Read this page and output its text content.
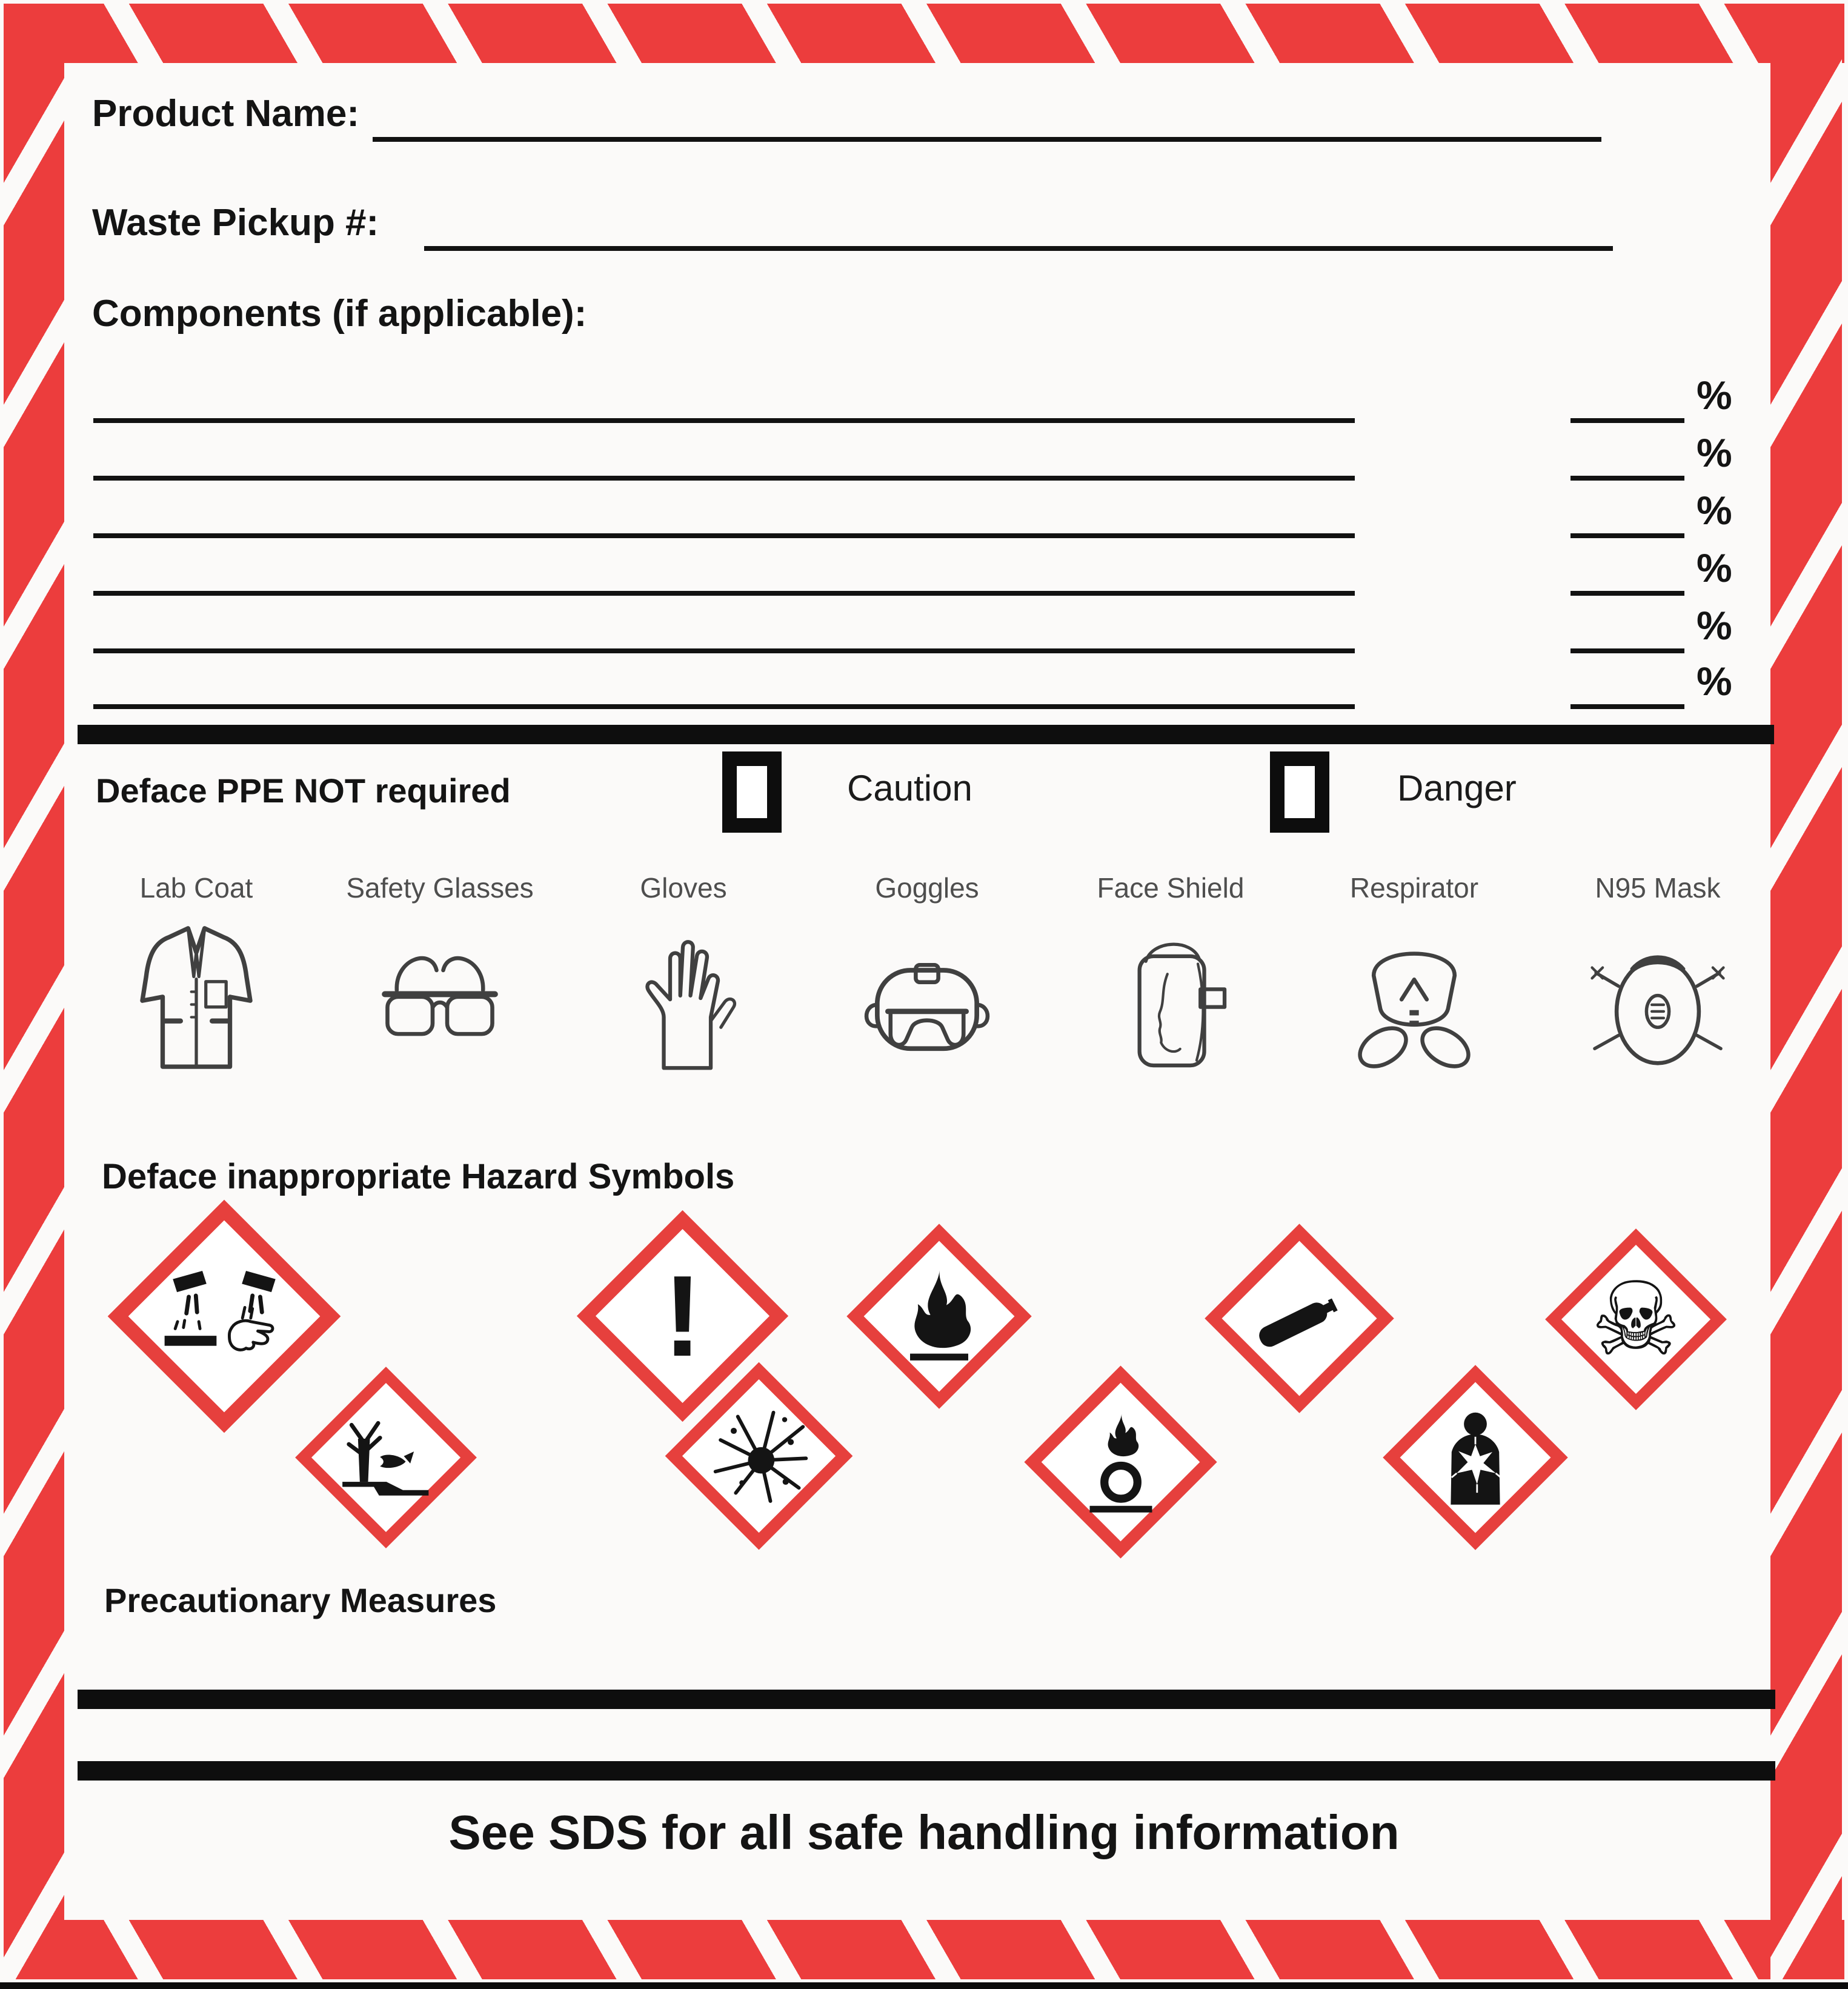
Product Name:
Waste Pickup #:
Components (if applicable):
%
%
%
%
%
%
Deface PPE NOT required	Caution	Danger
Lab Coat	Safety Glasses	Gloves	Goggles	Face Shield	Respirator	N95 Mask
Deface inappropriate Hazard Symbols
!	☠
Precautionary Measures
See SDS for all safe handling information
